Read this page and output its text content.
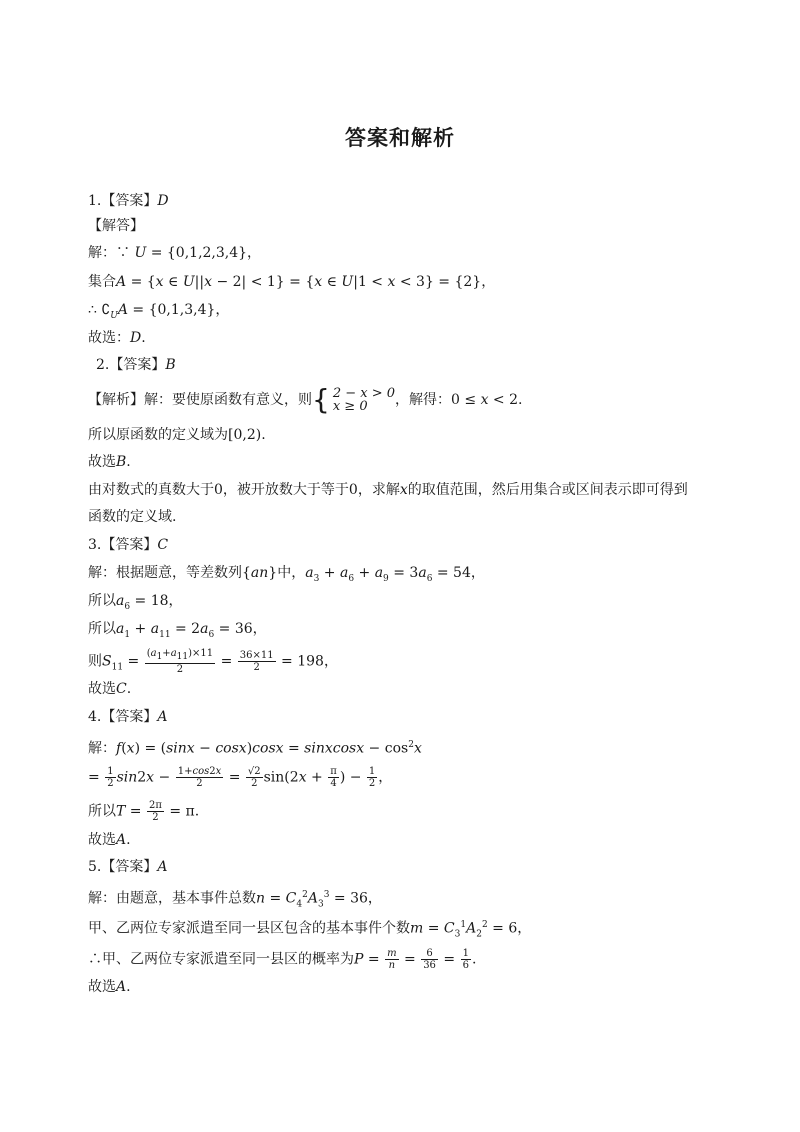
答案和解析
1.【答案】D
【解答】
解：∵ U = {0,1,2,3,4}，
集合A = {x ∈ U||x − 2| < 1} = {x ∈ U|1 < x < 3} = {2}，
∴ $∁_UA = \{0,1,3,4\}$，
故选：D.
2.【答案】B
【解析】解：要使原函数有意义，则{ 2 − x > 0
x ≥ 0	，解得：0 ≤ x < 2.
所以原函数的定义域为[0,2).
故选B.
由对数式的真数大于0，被开放数大于等于0，求解x的取值范围，然后用集合或区间表示即可得到
函数的定义域.
3.【答案】C
解：根据题意，等差数列{an}中，$a_3 + a_6 + a_9 = 3a_6 = 54$，
所以$a_6 = 18$，
所以$a_1 + a_{11} = 2a_6 = 36$，
则$S_{11} = \frac{(a_1+a_{11})\times 11}{2} = \frac{36\times 11}{2} = 198$，
故选C.
4.【答案】A
解：f(x) = (sinx − cosx)cosx = sinxcosx − $\cos^2x$
= $\frac{1}{2} \sin 2x - \frac{1+\cos 2x}{2} = \frac{√2}{2} \sin(2x + \frac{\pi}{4}$ ) − $\frac{1}{2}$ ，
所以$T = \frac{2\pi}{2} = \pi$.
故选A.
5.【答案】A
解：由题意，基本事件总数$n = C_4^2A_3^3 = 36$，
甲、乙两位专家派遣至同一县区包含的基本事件个数$m = C_3^1A_2^2 = 6$，
∴甲、乙两位专家派遣至同一县区的概率为$P = \frac{m}{n} = \frac{6}{36} = \frac{1}{6}$ .
故选A.
